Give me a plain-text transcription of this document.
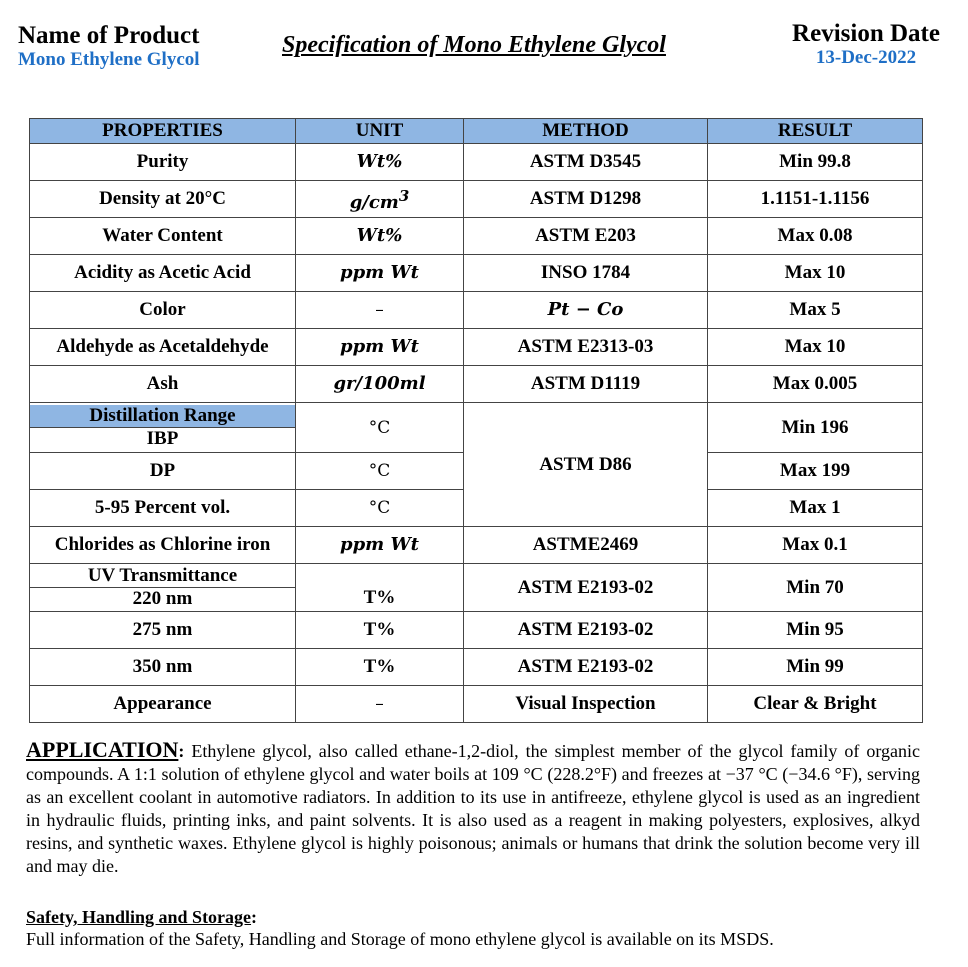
Name of Product
Mono Ethylene Glycol
Specification of Mono Ethylene Glycol	Revision Date
13-Dec-2022
PROPERTIES	UNIT	METHOD	RESULT
Purity	Wt%	ASTM D3545	Min 99.8
Density at 20°C	$g/cm^3$	ASTM D1298	1.1151-1.1156
Water Content	Wt%	ASTM E203	Max 0.08
Acidity as Acetic Acid	ppm Wt	INSO 1784	Max 10
Color	–	Pt − Co	Max 5
Aldehyde as Acetaldehyde	ppm Wt	ASTM E2313-03	Max 10
Ash	gr/100ml	ASTM D1119	Max 0.005

Distillation Range
IBP	°C	ASTM D86	Min 196
DP	°C		Max 199
5-95 Percent vol.	°C		Max 1
Chlorides as Chlorine iron	ppm Wt	ASTME2469	Max 0.1

UV Transmittance
220 nm	T%	ASTM E2193-02	Min 70
275 nm	T%	ASTM E2193-02	Min 95
350 nm	T%	ASTM E2193-02	Min 99
Appearance	–	Visual Inspection	Clear & Bright
APPLICATION: Ethylene glycol, also called ethane-1,2-diol, the simplest member of the glycol family of organic compounds. A 1:1 solution of ethylene glycol and water boils at 109 °C (228.2°F) and freezes at −37 °C (−34.6 °F), serving as an excellent coolant in automotive radiators. In addition to its use in antifreeze, ethylene glycol is used as an ingredient in hydraulic fluids, printing inks, and paint solvents. It is also used as a reagent in making polyesters, explosives, alkyd resins, and synthetic waxes. Ethylene glycol is highly poisonous; animals or humans that drink the solution become very ill and may die.
Safety, Handling and Storage:
Full information of the Safety, Handling and Storage of mono ethylene glycol is available on its MSDS.
